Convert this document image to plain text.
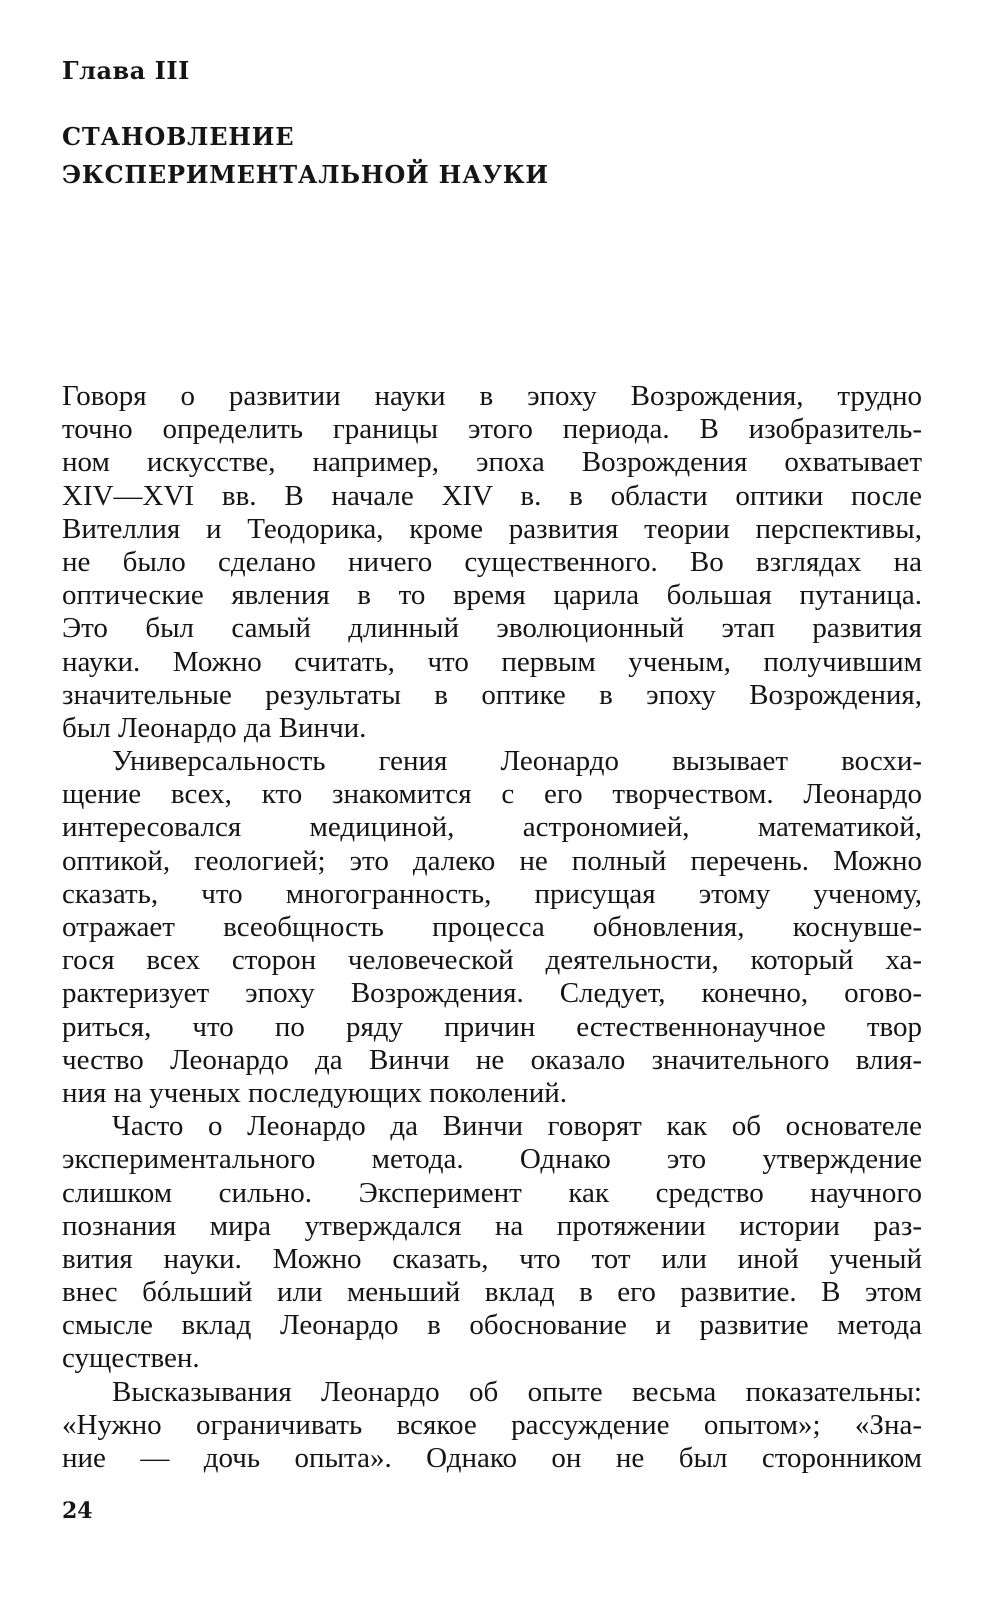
Глава III

СТАНОВЛЕНИЕ
ЭКСПЕРИМЕНТАЛЬНОЙ НАУКИ
Говоря о развитии науки в эпоху Возрождения, трудно
точно определить границы этого периода. В изобразитель-
ном искусстве, например, эпоха Возрождения охватывает
XIV—XVI вв. В начале XIV в. в области оптики после
Вителлия и Теодорика, кроме развития теории перспективы,
не было сделано ничего существенного. Во взглядах на
оптические явления в то время царила большая путаница.
Это был самый длинный эволюционный этап развития
науки. Можно считать, что первым ученым, получившим
значительные результаты в оптике в эпоху Возрождения,
был Леонардо да Винчи.
Универсальность гения Леонардо вызывает восхи-
щение всех, кто знакомится с его творчеством. Леонардо
интересовался медициной, астрономией, математикой,
оптикой, геологией; это далеко не полный перечень. Можно
сказать, что многогранность, присущая этому ученому,
отражает всеобщность процесса обновления, коснувше-
гося всех сторон человеческой деятельности, который ха-
рактеризует эпоху Возрождения. Следует, конечно, огово-
риться, что по ряду причин естественнонаучное твор
чество Леонардо да Винчи не оказало значительного влия-
ния на ученых последующих поколений.
Часто о Леонардо да Винчи говорят как об основателе
экспериментального метода. Однако это утверждение
слишком сильно. Эксперимент как средство научного
познания мира утверждался на протяжении истории раз-
вития науки. Можно сказать, что тот или иной ученый
внес бóльший или меньший вклад в его развитие. В этом
смысле вклад Леонардо в обоснование и развитие метода
существен.
Высказывания Леонардо об опыте весьма показательны:
«Нужно ограничивать всякое рассуждение опытом»; «Зна-
ние — дочь опыта». Однако он не был сторонником

24
